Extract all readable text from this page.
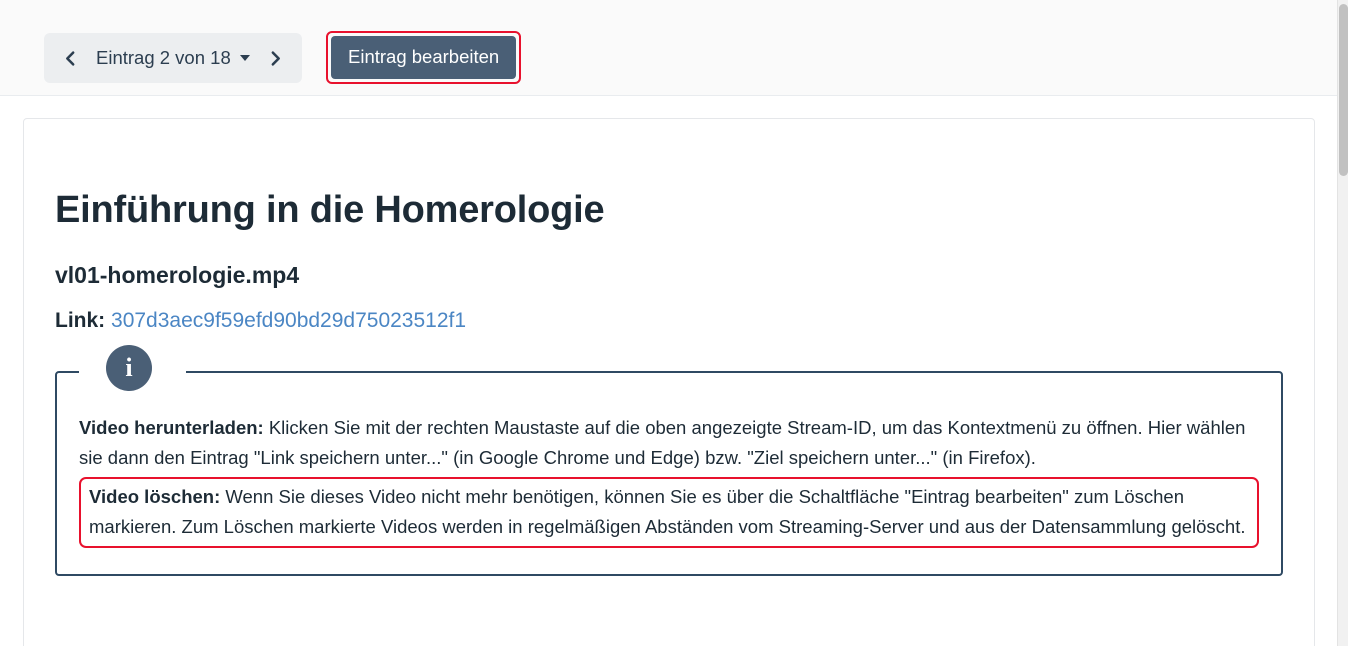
Eintrag 2 von 18	Eintrag bearbeiten
Einführung in die Homerologie
vl01-homerologie.mp4
Link: 307d3aec9f59efd90bd29d75023512f1
i

Video herunterladen: Klicken Sie mit der rechten Maustaste auf die oben angezeigte Stream-ID, um das Kontextmenü zu öffnen. Hier wählen sie dann den Eintrag "Link speichern unter..." (in Google Chrome und Edge) bzw. "Ziel speichern unter..." (in Firefox).

Video löschen: Wenn Sie dieses Video nicht mehr benötigen, können Sie es über die Schaltfläche "Eintrag bearbeiten" zum Löschen markieren. Zum Löschen markierte Videos werden in regelmäßigen Abständen vom Streaming-Server und aus der Datensammlung gelöscht.
